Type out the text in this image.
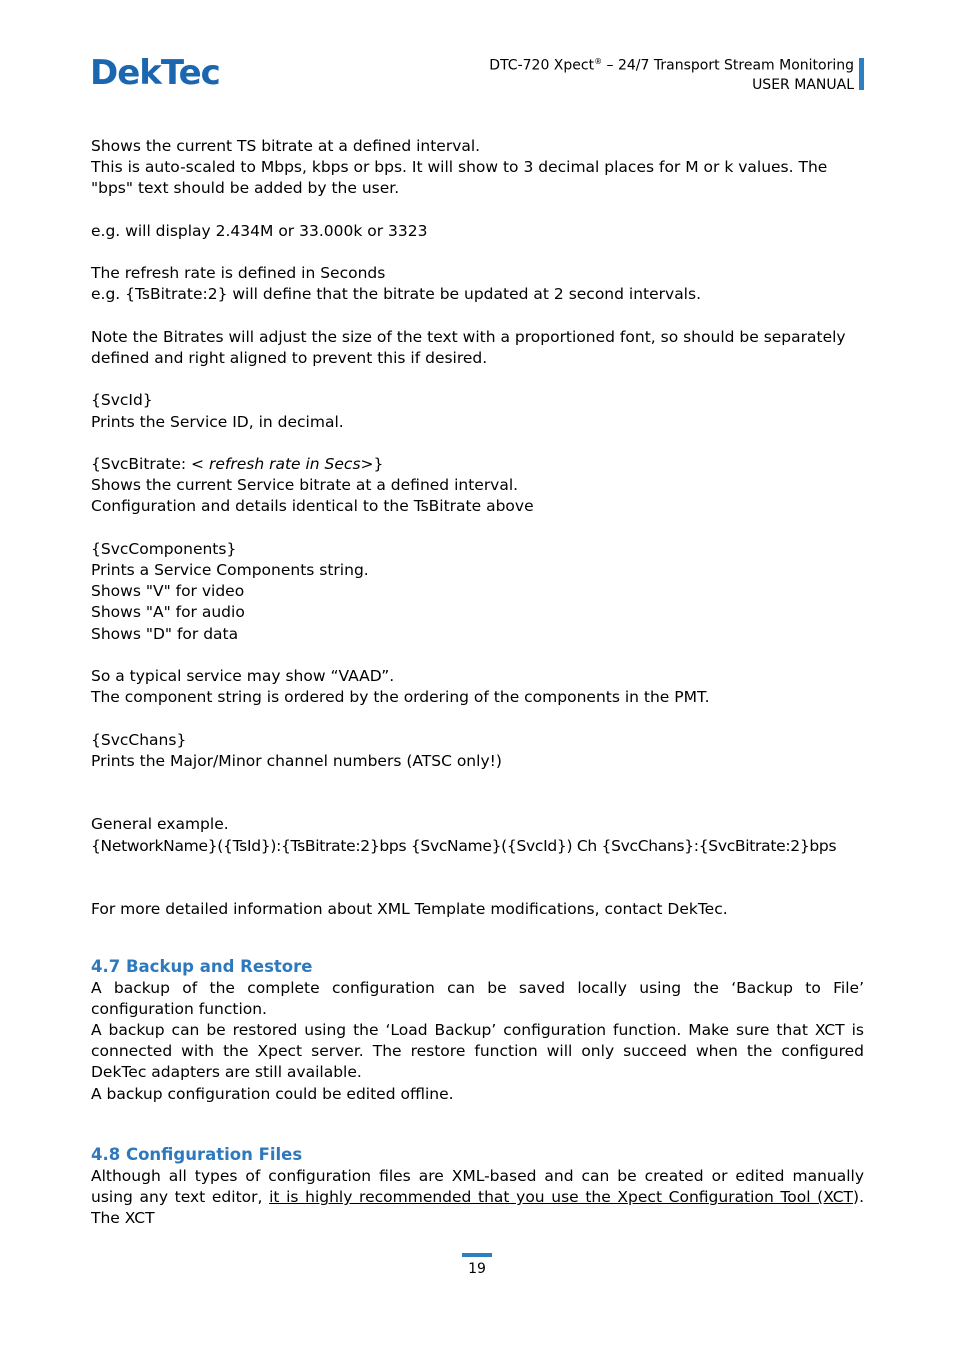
DekTec	DTC-720 Xpect® – 24/7 Transport Stream Monitoring
USER MANUAL

Shows the current TS bitrate at a defined interval.

This is auto-scaled to Mbps, kbps or bps. It will show to 3 decimal places for M or k values. The

"bps" text should be added by the user.

e.g. will display 2.434M or 33.000k or 3323

The refresh rate is defined in Seconds

e.g. {TsBitrate:2} will define that the bitrate be updated at 2 second intervals.

Note the Bitrates will adjust the size of the text with a proportioned font, so should be separately

defined and right aligned to prevent this if desired.

{SvcId}

Prints the Service ID, in decimal.

{SvcBitrate: < refresh rate in Secs>}

Shows the current Service bitrate at a defined interval.

Configuration and details identical to the TsBitrate above

{SvcComponents}

Prints a Service Components string.

Shows "V" for video

Shows "A" for audio

Shows "D" for data

So a typical service may show “VAAD”.

The component string is ordered by the ordering of the components in the PMT.

{SvcChans}

Prints the Major/Minor channel numbers (ATSC only!)

General example.

{NetworkName}({TsId}):{TsBitrate:2}bps {SvcName}({SvcId}) Ch {SvcChans}:{SvcBitrate:2}bps

For more detailed information about XML Template modifications, contact DekTec.

4.7 Backup and Restore

A backup of the complete configuration can be saved locally using the ‘Backup to File’ configuration function.

A backup can be restored using the ‘Load Backup’ configuration function. Make sure that XCT is connected with the Xpect server. The restore function will only succeed when the configured DekTec adapters are still available.

A backup configuration could be edited offline.

4.8 Configuration Files

Although all types of configuration files are XML-based and can be created or edited manually using any text editor, it is highly recommended that you use the Xpect Configuration Tool (XCT). The XCT

19
